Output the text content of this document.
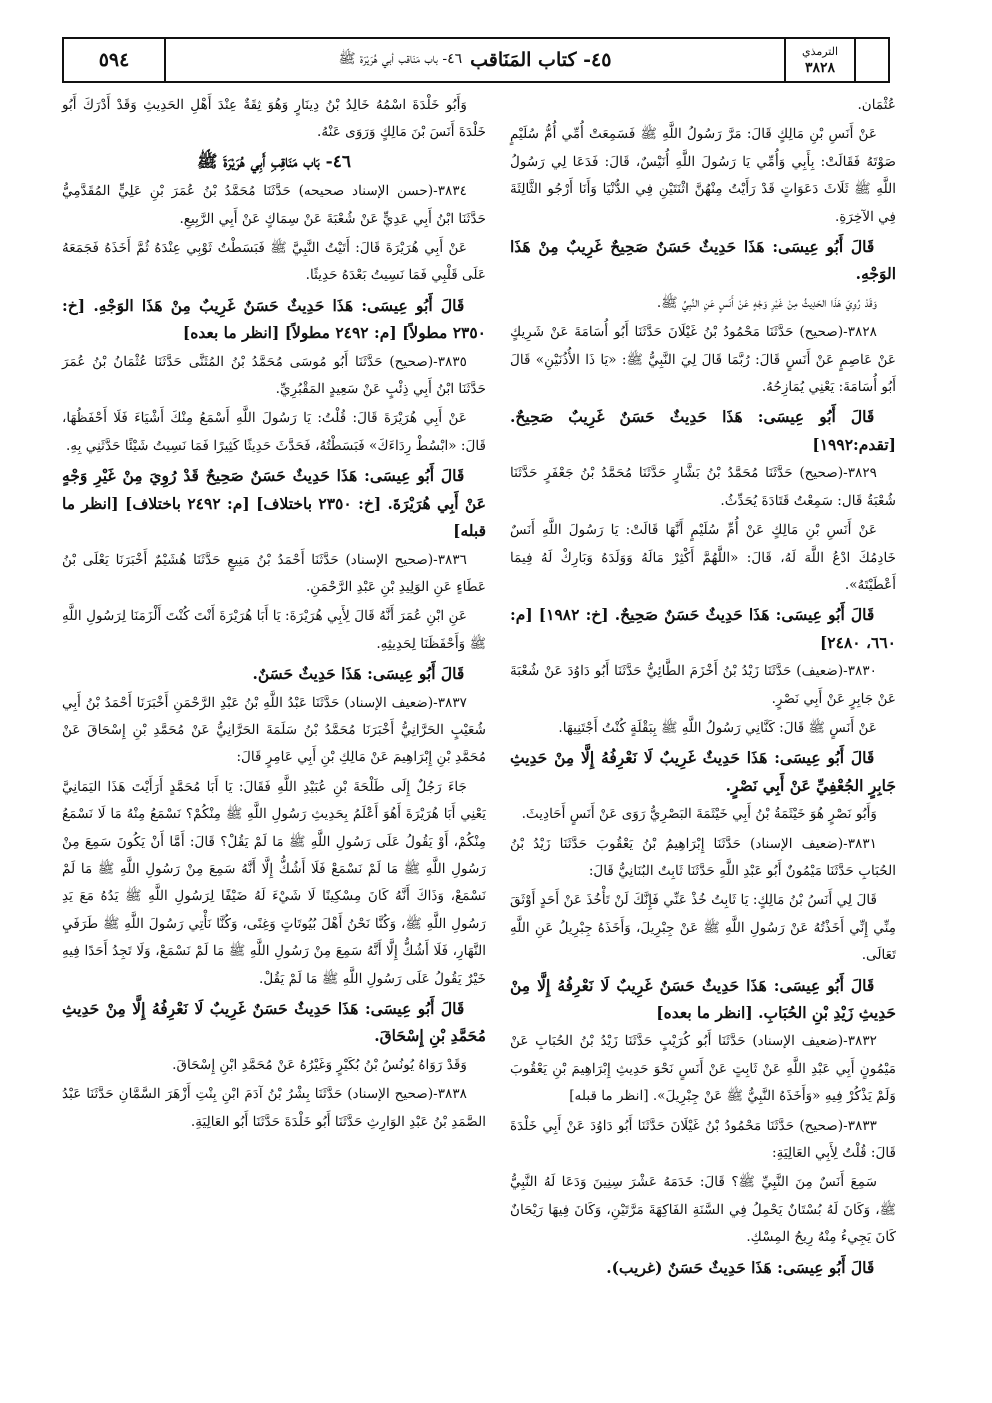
٥٩٤	٤٥- كتاب المَنَاقب
٤٦- باب مَنَاقب أبي هُرَيْرَة ﷺ	الترمذي
٣٨٢٨

عُثْمَان.

عَنْ أَنَسِ بْنِ مَالِكٍ قَالَ: مَرَّ رَسُولُ اللَّهِ ﷺ فَسَمِعَتْ أُمِّي أُمُّ سُلَيْمٍ صَوْتَهُ فَقَالَتْ: بِأَبِي وَأُمِّي يَا رَسُولَ اللَّهِ أُنَيْسٌ، قَالَ: فَدَعَا لِي رَسُولُ اللَّهِ ﷺ ثَلَاثَ دَعَوَاتٍ قَدْ رَأَيْتُ مِنْهُنَّ اثْنَتَيْنِ فِي الدُّنْيَا وَأَنَا أَرْجُو الثَّالِثَةَ فِي الآخِرَةِ.

قَالَ أَبُو عِيسَى: هَذَا حَدِيثٌ حَسَنٌ صَحِيحٌ غَرِيبٌ مِنْ هَذَا الوَجْهِ.

وَقَدْ رُوِيَ هَذَا الحَدِيثُ مِنْ غَيْرِ وَجْهٍ عَنْ أَنَسٍ عَنِ النَّبِيِّ ﷺ.

٣٨٢٨-(صحيح) حَدَّثَنَا مَحْمُودُ بْنُ غَيْلَانَ حَدَّثَنَا أَبُو أُسَامَةَ عَنْ شَرِيكٍ عَنْ عَاصِمٍ عَنْ أَنَسٍ قَالَ: رُبَّمَا قَالَ لِيَ النَّبِيُّ ﷺ: «يَا ذَا الأُذُنَيْنِ» قَالَ أَبُو أُسَامَةَ: يَعْنِي يُمَازِحُهُ.

قَالَ أَبُو عِيسَى: هَذَا حَدِيثٌ حَسَنٌ غَرِيبٌ صَحِيحٌ. [تقدم:١٩٩٢]

٣٨٢٩-(صحيح) حَدَّثَنَا مُحَمَّدُ بْنُ بَشَّارٍ حَدَّثَنَا مُحَمَّدُ بْنُ جَعْفَرٍ حَدَّثَنَا شُعْبَةُ قَال: سَمِعْتُ قَتَادَةَ يُحَدِّثُ.

عَنْ أَنَسِ بْنِ مَالِكٍ عَنْ أُمِّ سُلَيْمٍ أَنَّهَا قَالَتْ: يَا رَسُولَ اللَّهِ أَنَسٌ خَادِمُكَ ادْعُ اللَّهَ لَهُ، قَالَ: «اللَّهُمَّ أَكْثِرْ مَالَهُ وَوَلَدَهُ وَبَارِكْ لَهُ فِيمَا أَعْطَيْتَهُ».

قَالَ أَبُو عِيسَى: هَذَا حَدِيثٌ حَسَنٌ صَحِيحٌ. [خ: ١٩٨٢] [م: ٦٦٠، ٢٤٨٠]

٣٨٣٠-(ضعيف) حَدَّثَنَا زَيْدُ بْنُ أَخْزَمَ الطَّائِيُّ حَدَّثَنَا أَبُو دَاوُدَ عَنْ شُعْبَةَ عَنْ جَابِرٍ عَنْ أَبِي نَصْرٍ.

عَنْ أَنَسٍ ﷺ قَالَ: كَنَّانِي رَسُولُ اللَّهِ ﷺ بِبَقْلَةٍ كُنْتُ أَجْتَنِيهَا.

قَالَ أَبُو عِيسَى: هَذَا حَدِيثٌ غَرِيبٌ لَا نَعْرِفُهُ إِلَّا مِنْ حَدِيثِ جَابِرٍ الجُعْفِيِّ عَنْ أَبِي نَصْرٍ.

وَأَبُو نَصْرٍ هُوَ خَيْثَمَةُ بْنُ أَبِي خَيْثَمَةَ البَصْرِيُّ رَوَى عَنْ أَنَسٍ أَحَادِيثَ.

٣٨٣١-(ضعيف الإسناد) حَدَّثَنَا إِبْرَاهِيمُ بْنُ يَعْقُوبَ حَدَّثَنَا زَيْدُ بْنُ الحُبَابِ حَدَّثَنَا مَيْمُونٌ أَبُو عَبْدِ اللَّهِ حَدَّثَنَا ثَابِتٌ البُنَانِيُّ قَالَ:

قَالَ لِي أَنَسُ بْنُ مَالِكٍ: يَا ثَابِتُ خُذْ عَنِّي فَإِنَّكَ لَنْ تَأْخُذَ عَنْ أَحَدٍ أَوْثَقَ مِنِّي إِنِّي أَخَذْتُهُ عَنْ رَسُولِ اللَّهِ ﷺ عَنْ جِبْرِيلَ، وَأَخَذَهُ جِبْرِيلُ عَنِ اللَّهِ تَعَالَى.

قَالَ أَبُو عِيسَى: هَذَا حَدِيثٌ حَسَنٌ غَرِيبٌ لَا نَعْرِفُهُ إِلَّا مِنْ حَدِيثِ زَيْدِ بْنِ الحُبَابِ. [انظر ما بعده]

٣٨٣٢-(ضعيف الإسناد) حَدَّثَنَا أَبُو كُرَيْبٍ حَدَّثَنَا زَيْدُ بْنُ الحُبَابِ عَنْ مَيْمُونٍ أَبِي عَبْدِ اللَّهِ عَنْ ثَابِتٍ عَنْ أَنَسٍ نَحْوَ حَدِيثِ إِبْرَاهِيمَ بْنِ يَعْقُوبَ وَلَمْ يَذْكُرْ فِيهِ «وَأَخَذَهُ النَّبِيُّ ﷺ عَنْ جِبْرِيلَ». [انظر ما قبله]

٣٨٣٣-(صحيح) حَدَّثَنَا مَحْمُودُ بْنُ غَيْلَانَ حَدَّثَنَا أَبُو دَاوُدَ عَنْ أَبِي خَلْدَةَ قَالَ: قُلْتُ لِأَبِي العَالِيَةِ:

سَمِعَ أَنَسٌ مِنَ النَّبِيِّ ﷺ؟ قَالَ: خَدَمَهُ عَشْرَ سِنِينَ وَدَعَا لَهُ النَّبِيُّ ﷺ، وَكَانَ لَهُ بُسْتَانٌ يَحْمِلُ فِي السَّنَةِ الفَاكِهَةَ مَرَّتَيْنِ، وَكَانَ فِيهَا رَيْحَانٌ كَانَ يَجِيءُ مِنْهُ رِيحُ المِسْكِ.

قَالَ أَبُو عِيسَى: هَذَا حَدِيثٌ حَسَنٌ (غريب).

وَأَبُو خَلْدَةَ اسْمُهُ خَالِدُ بْنُ دِينَارٍ وَهُوَ ثِقَةٌ عِنْدَ أَهْلِ الحَدِيثِ وَقَدْ أَدْرَكَ أَبُو خَلْدَةَ أَنَسَ بْنَ مَالِكٍ وَرَوَى عَنْهُ.

٤٦- بَاب مَنَاقِبِ أَبِي هُرَيْرَةَ ﷺ

٣٨٣٤-(حسن الإسناد صحيحه) حَدَّثَنَا مُحَمَّدُ بْنُ عُمَرَ بْنِ عَلِيٍّ المُقَدَّمِيُّ حَدَّثَنَا ابْنُ أَبِي عَدِيٍّ عَنْ شُعْبَةَ عَنْ سِمَاكٍ عَنْ أَبِي الرَّبِيعِ.

عَنْ أَبِي هُرَيْرَةَ قَالَ: أَتَيْتُ النَّبِيَّ ﷺ فَبَسَطْتُ ثَوْبِي عِنْدَهُ ثُمَّ أَخَذَهُ فَجَمَعَهُ عَلَى قَلْبِي فَمَا نَسِيتُ بَعْدَهُ حَدِيثًا.

قَالَ أَبُو عِيسَى: هَذَا حَدِيثٌ حَسَنٌ غَرِيبٌ مِنْ هَذَا الوَجْهِ. [خ: ٢٣٥٠ مطولاً] [م: ٢٤٩٢ مطولاً] [انظر ما بعده]

٣٨٣٥-(صحيح) حَدَّثَنَا أَبُو مُوسَى مُحَمَّدُ بْنُ المُثَنَّى حَدَّثَنَا عُثْمَانُ بْنُ عُمَرَ حَدَّثَنَا ابْنُ أَبِي ذِئْبٍ عَنْ سَعِيدٍ المَقْبُرِيِّ.

عَنْ أَبِي هُرَيْرَةَ قَالَ: قُلْتُ: يَا رَسُولَ اللَّهِ أَسْمَعُ مِنْكَ أَشْيَاءَ فَلَا أَحْفَظُهَا، قَالَ: «ابْسُطْ رِدَاءَكَ» فَبَسَطْتُهُ، فَحَدَّثَ حَدِيثًا كَثِيرًا فَمَا نَسِيتُ شَيْئًا حَدَّثَنِي بِهِ.

قَالَ أَبُو عِيسَى: هَذَا حَدِيثٌ حَسَنٌ صَحِيحٌ قَدْ رُوِيَ مِنْ غَيْرِ وَجْهٍ عَنْ أَبِي هُرَيْرَةَ. [خ: ٢٣٥٠ باختلاف] [م: ٢٤٩٢ باختلاف] [انظر ما قبله]

٣٨٣٦-(صحيح الإسناد) حَدَّثَنَا أَحْمَدُ بْنُ مَنِيعٍ حَدَّثَنَا هُشَيْمٌ أَخْبَرَنَا يَعْلَى بْنُ عَطَاءٍ عَنِ الوَلِيدِ بْنِ عَبْدِ الرَّحْمَنِ.

عَنِ ابْنِ عُمَرَ أَنَّهُ قَالَ لِأَبِي هُرَيْرَةَ: يَا أَبَا هُرَيْرَةَ أَنْتَ كُنْتَ أَلْزَمَنَا لِرَسُولِ اللَّهِ ﷺ وَأَحْفَظَنَا لِحَدِيثِهِ.

قَالَ أَبُو عِيسَى: هَذَا حَدِيثٌ حَسَنٌ.

٣٨٣٧-(ضعيف الإسناد) حَدَّثَنَا عَبْدُ اللَّهِ بْنُ عَبْدِ الرَّحْمَنِ أَخْبَرَنَا أَحْمَدُ بْنُ أَبِي شُعَيْبٍ الحَرَّانِيُّ أَخْبَرَنَا مُحَمَّدُ بْنُ سَلَمَةَ الحَرَّانِيُّ عَنْ مُحَمَّدِ بْنِ إِسْحَاقَ عَنْ مُحَمَّدِ بْنِ إِبْرَاهِيمَ عَنْ مَالِكِ بْنِ أَبِي عَامِرٍ قَالَ:

جَاءَ رَجُلٌ إِلَى طَلْحَةَ بْنِ عُبَيْدِ اللَّهِ فَقَالَ: يَا أَبَا مُحَمَّدٍ أَرَأَيْتَ هَذَا اليَمَانِيَّ يَعْنِي أَبَا هُرَيْرَةَ أَهُوَ أَعْلَمُ بِحَدِيثِ رَسُولِ اللَّهِ ﷺ مِنْكُمْ؟ نَسْمَعُ مِنْهُ مَا لَا نَسْمَعُ مِنْكُمْ، أَوْ يَقُولُ عَلَى رَسُولِ اللَّهِ ﷺ مَا لَمْ يَقُلْ؟ قَالَ: أَمَّا أَنْ يَكُونَ سَمِعَ مِنْ رَسُولِ اللَّهِ ﷺ مَا لَمْ نَسْمَعْ فَلَا أَشُكُّ إِلَّا أَنَّهُ سَمِعَ مِنْ رَسُولِ اللَّهِ ﷺ مَا لَمْ نَسْمَعْ، وَذَاكَ أَنَّهُ كَانَ مِسْكِينًا لَا شَيْءَ لَهُ ضَيْفًا لِرَسُولِ اللَّهِ ﷺ يَدُهُ مَعَ يَدِ رَسُولِ اللَّهِ ﷺ، وَكُنَّا نَحْنُ أَهْلَ بُيُوتَاتٍ وَغِنًى، وَكُنَّا نَأْتِي رَسُولَ اللَّهِ ﷺ طَرَفَيِ النَّهَارِ، فَلَا أَشُكُّ إِلَّا أَنَّهُ سَمِعَ مِنْ رَسُولِ اللَّهِ ﷺ مَا لَمْ نَسْمَعْ، وَلَا تَجِدُ أَحَدًا فِيهِ خَيْرٌ يَقُولُ عَلَى رَسُولِ اللَّهِ ﷺ مَا لَمْ يَقُلْ.

قَالَ أَبُو عِيسَى: هَذَا حَدِيثٌ حَسَنٌ غَرِيبٌ لَا نَعْرِفُهُ إِلَّا مِنْ حَدِيثِ مُحَمَّدِ بْنِ إِسْحَاقَ.

وَقَدْ رَوَاهُ يُونُسُ بْنُ بُكَيْرٍ وَغَيْرُهُ عَنْ مُحَمَّدِ ابْنِ إِسْحَاقَ.

٣٨٣٨-(صحيح الإسناد) حَدَّثَنَا بِشْرُ بْنُ آدَمَ ابْنِ بِنْتِ أَزْهَرَ السَّمَّانِ حَدَّثَنَا عَبْدُ الصَّمَدِ بْنُ عَبْدِ الوَارِثِ حَدَّثَنَا أَبُو خَلْدَةَ حَدَّثَنَا أَبُو العَالِيَةِ.
